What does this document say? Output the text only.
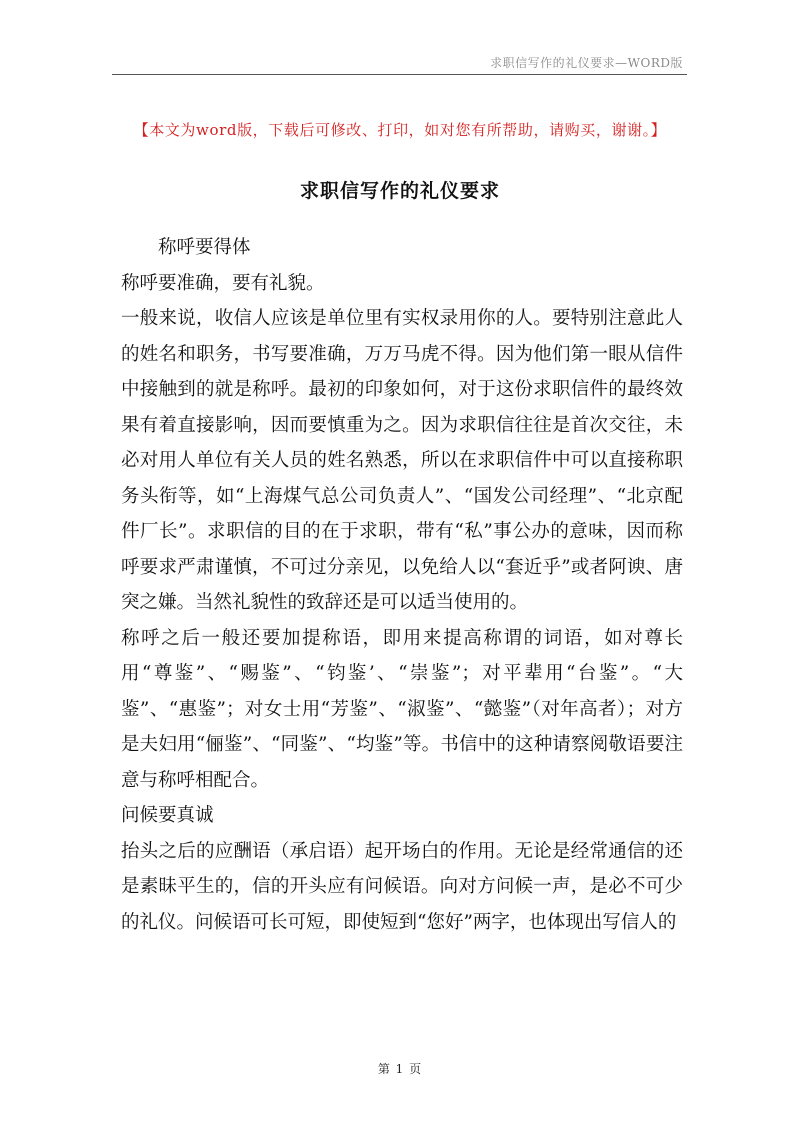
求职信写作的礼仪要求—WORD版
【本文为word版，下载后可修改、打印，如对您有所帮助，请购买，谢谢。】
求职信写作的礼仪要求

称呼要得体

称呼要准确，要有礼貌。

一般来说，收信人应该是单位里有实权录用你的人。要特别注意此人的姓名和职务，书写要准确，万万马虎不得。因为他们第一眼从信件中接触到的就是称呼。最初的印象如何，对于这份求职信件的最终效果有着直接影响，因而要慎重为之。因为求职信往往是首次交往，未必对用人单位有关人员的姓名熟悉，所以在求职信件中可以直接称职务头衔等，如“上海煤气总公司负责人”、“国发公司经理”、“北京配件厂长”。求职信的目的在于求职，带有“私”事公办的意味，因而称呼要求严肃谨慎，不可过分亲见，以免给人以“套近乎”或者阿谀、唐突之嫌。当然礼貌性的致辞还是可以适当使用的。

称呼之后一般还要加提称语，即用来提高称谓的词语，如对尊长用“尊鉴”、“赐鉴”、“钧鉴’、“崇鉴”；对平辈用“台鉴”。“大鉴”、“惠鉴”；对女士用“芳鉴”、“淑鉴”、“懿鉴”（对年高者）；对方是夫妇用“俪鉴”、“同鉴”、“均鉴”等。书信中的这种请察阅敬语要注意与称呼相配合。

问候要真诚

抬头之后的应酬语（承启语）起开场白的作用。无论是经常通信的还是素昧平生的，信的开头应有问候语。向对方问候一声，是必不可少的礼仪。问候语可长可短，即使短到“您好”两字，也体现出写信人的

第 1 页
